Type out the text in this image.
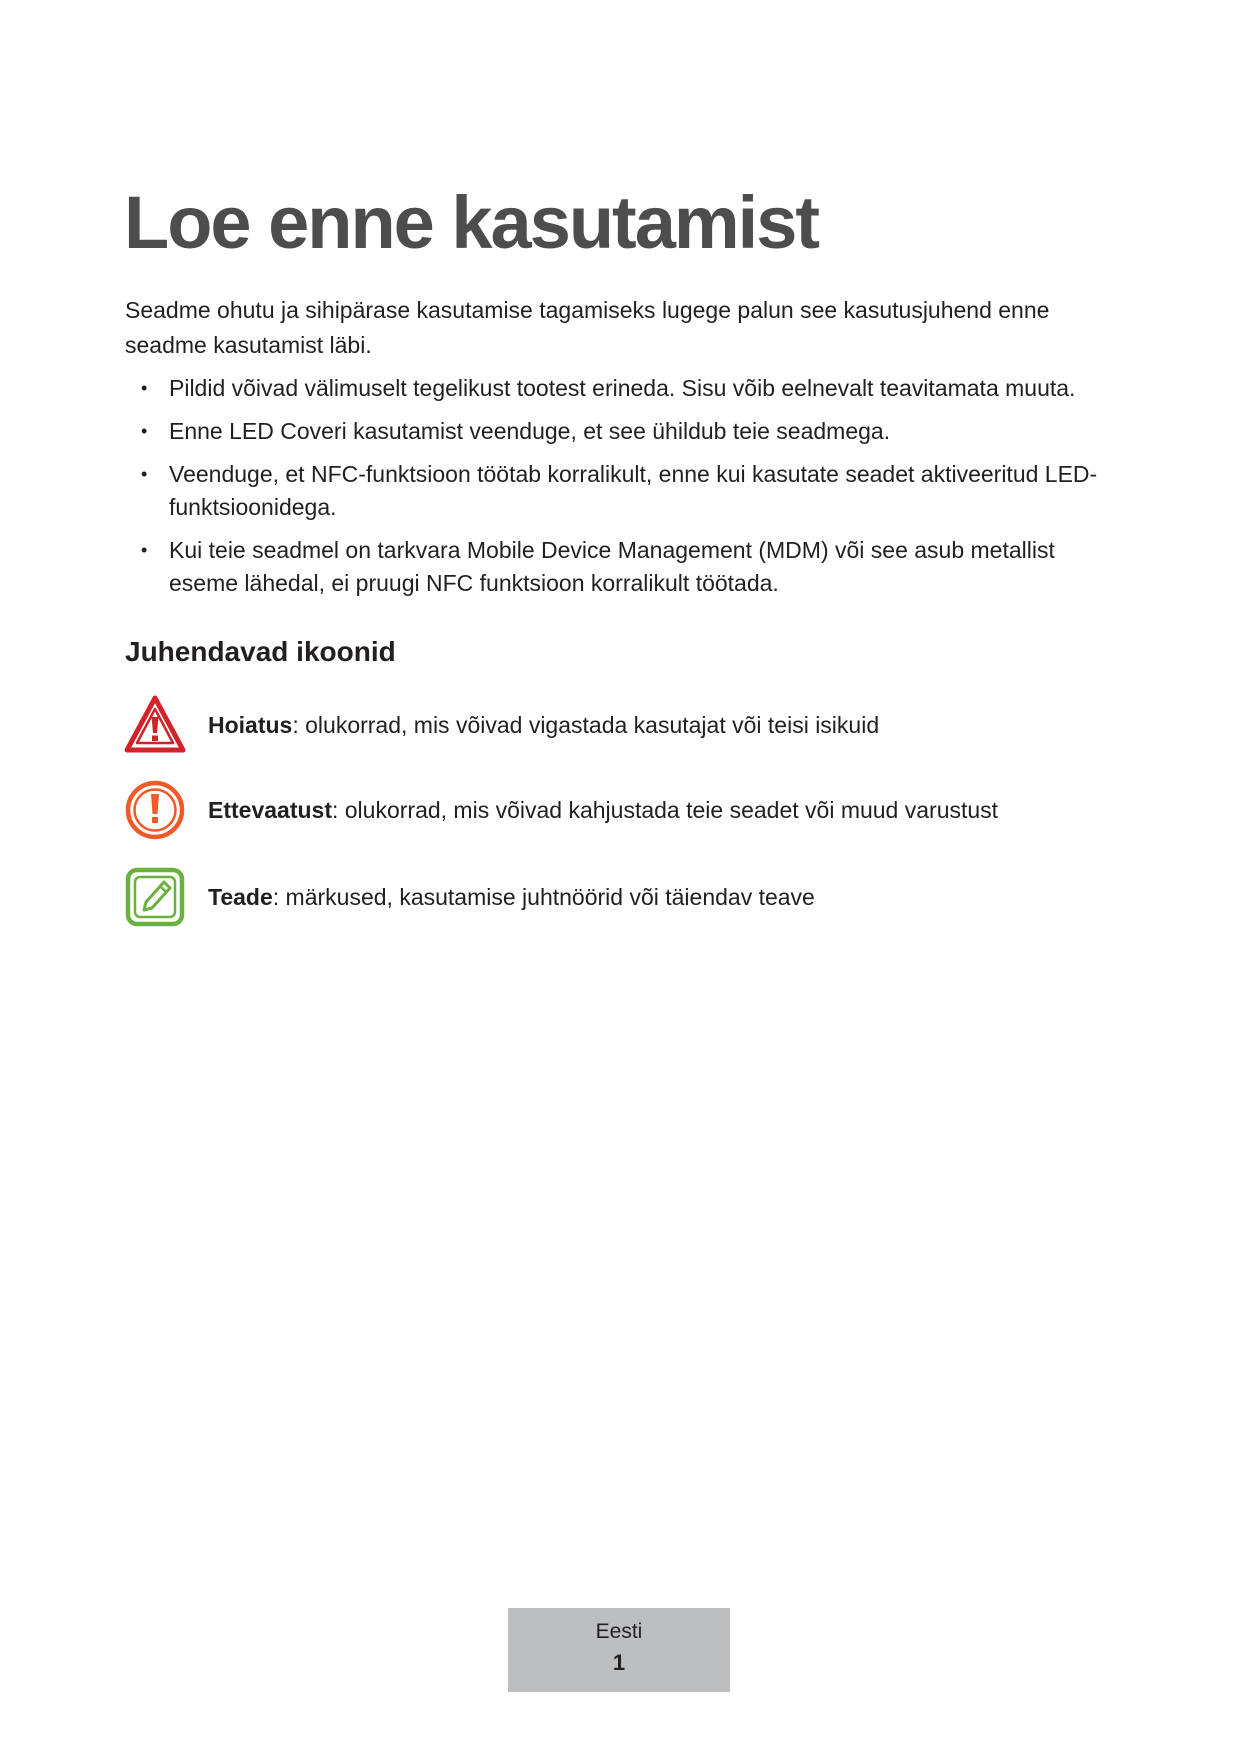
Loe enne kasutamist

Seadme ohutu ja sihipärase kasutamise tagamiseks lugege palun see kasutusjuhend enne seadme kasutamist läbi.

• Pildid võivad välimuselt tegelikust tootest erineda. Sisu võib eelnevalt teavitamata muuta.
• Enne LED Coveri kasutamist veenduge, et see ühildub teie seadmega.
• Veenduge, et NFC-funktsioon töötab korralikult, enne kui kasutate seadet aktiveeritud LED-funktsioonidega.
• Kui teie seadmel on tarkvara Mobile Device Management (MDM) või see asub metallist eseme lähedal, ei pruugi NFC funktsioon korralikult töötada.
Juhendavad ikoonid
Hoiatus: olukorrad, mis võivad vigastada kasutajat või teisi isikuid
Ettevaatust: olukorrad, mis võivad kahjustada teie seadet või muud varustust
Teade: märkused, kasutamise juhtnöörid või täiendav teave
Eesti
1
